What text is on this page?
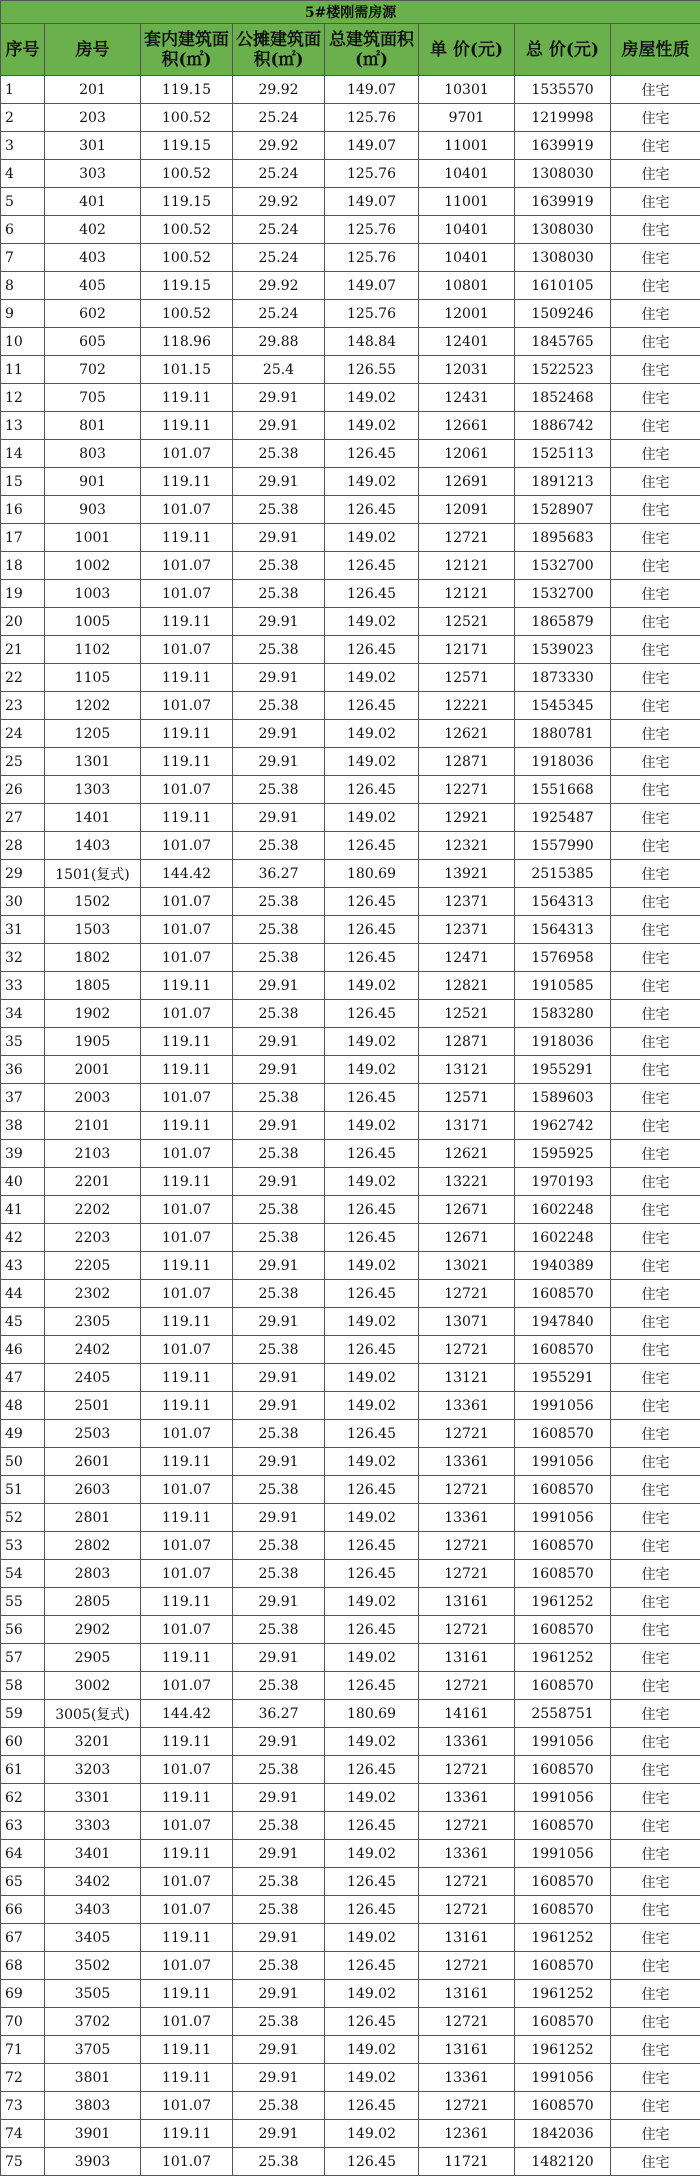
5#楼刚需房源							
序号	房号	套内建筑面积(㎡)	公摊建筑面积(㎡)	总建筑面积(㎡)	单 价(元)	总 价(元)	房屋性质
1	201	119.15	29.92	149.07	10301	1535570	住宅
2	203	100.52	25.24	125.76	9701	1219998	住宅
3	301	119.15	29.92	149.07	11001	1639919	住宅
4	303	100.52	25.24	125.76	10401	1308030	住宅
5	401	119.15	29.92	149.07	11001	1639919	住宅
6	402	100.52	25.24	125.76	10401	1308030	住宅
7	403	100.52	25.24	125.76	10401	1308030	住宅
8	405	119.15	29.92	149.07	10801	1610105	住宅
9	602	100.52	25.24	125.76	12001	1509246	住宅
10	605	118.96	29.88	148.84	12401	1845765	住宅
11	702	101.15	25.4	126.55	12031	1522523	住宅
12	705	119.11	29.91	149.02	12431	1852468	住宅
13	801	119.11	29.91	149.02	12661	1886742	住宅
14	803	101.07	25.38	126.45	12061	1525113	住宅
15	901	119.11	29.91	149.02	12691	1891213	住宅
16	903	101.07	25.38	126.45	12091	1528907	住宅
17	1001	119.11	29.91	149.02	12721	1895683	住宅
18	1002	101.07	25.38	126.45	12121	1532700	住宅
19	1003	101.07	25.38	126.45	12121	1532700	住宅
20	1005	119.11	29.91	149.02	12521	1865879	住宅
21	1102	101.07	25.38	126.45	12171	1539023	住宅
22	1105	119.11	29.91	149.02	12571	1873330	住宅
23	1202	101.07	25.38	126.45	12221	1545345	住宅
24	1205	119.11	29.91	149.02	12621	1880781	住宅
25	1301	119.11	29.91	149.02	12871	1918036	住宅
26	1303	101.07	25.38	126.45	12271	1551668	住宅
27	1401	119.11	29.91	149.02	12921	1925487	住宅
28	1403	101.07	25.38	126.45	12321	1557990	住宅
29	1501(复式)	144.42	36.27	180.69	13921	2515385	住宅
30	1502	101.07	25.38	126.45	12371	1564313	住宅
31	1503	101.07	25.38	126.45	12371	1564313	住宅
32	1802	101.07	25.38	126.45	12471	1576958	住宅
33	1805	119.11	29.91	149.02	12821	1910585	住宅
34	1902	101.07	25.38	126.45	12521	1583280	住宅
35	1905	119.11	29.91	149.02	12871	1918036	住宅
36	2001	119.11	29.91	149.02	13121	1955291	住宅
37	2003	101.07	25.38	126.45	12571	1589603	住宅
38	2101	119.11	29.91	149.02	13171	1962742	住宅
39	2103	101.07	25.38	126.45	12621	1595925	住宅
40	2201	119.11	29.91	149.02	13221	1970193	住宅
41	2202	101.07	25.38	126.45	12671	1602248	住宅
42	2203	101.07	25.38	126.45	12671	1602248	住宅
43	2205	119.11	29.91	149.02	13021	1940389	住宅
44	2302	101.07	25.38	126.45	12721	1608570	住宅
45	2305	119.11	29.91	149.02	13071	1947840	住宅
46	2402	101.07	25.38	126.45	12721	1608570	住宅
47	2405	119.11	29.91	149.02	13121	1955291	住宅
48	2501	119.11	29.91	149.02	13361	1991056	住宅
49	2503	101.07	25.38	126.45	12721	1608570	住宅
50	2601	119.11	29.91	149.02	13361	1991056	住宅
51	2603	101.07	25.38	126.45	12721	1608570	住宅
52	2801	119.11	29.91	149.02	13361	1991056	住宅
53	2802	101.07	25.38	126.45	12721	1608570	住宅
54	2803	101.07	25.38	126.45	12721	1608570	住宅
55	2805	119.11	29.91	149.02	13161	1961252	住宅
56	2902	101.07	25.38	126.45	12721	1608570	住宅
57	2905	119.11	29.91	149.02	13161	1961252	住宅
58	3002	101.07	25.38	126.45	12721	1608570	住宅
59	3005(复式)	144.42	36.27	180.69	14161	2558751	住宅
60	3201	119.11	29.91	149.02	13361	1991056	住宅
61	3203	101.07	25.38	126.45	12721	1608570	住宅
62	3301	119.11	29.91	149.02	13361	1991056	住宅
63	3303	101.07	25.38	126.45	12721	1608570	住宅
64	3401	119.11	29.91	149.02	13361	1991056	住宅
65	3402	101.07	25.38	126.45	12721	1608570	住宅
66	3403	101.07	25.38	126.45	12721	1608570	住宅
67	3405	119.11	29.91	149.02	13161	1961252	住宅
68	3502	101.07	25.38	126.45	12721	1608570	住宅
69	3505	119.11	29.91	149.02	13161	1961252	住宅
70	3702	101.07	25.38	126.45	12721	1608570	住宅
71	3705	119.11	29.91	149.02	13161	1961252	住宅
72	3801	119.11	29.91	149.02	13361	1991056	住宅
73	3803	101.07	25.38	126.45	12721	1608570	住宅
74	3901	119.11	29.91	149.02	12361	1842036	住宅
75	3903	101.07	25.38	126.45	11721	1482120	住宅
